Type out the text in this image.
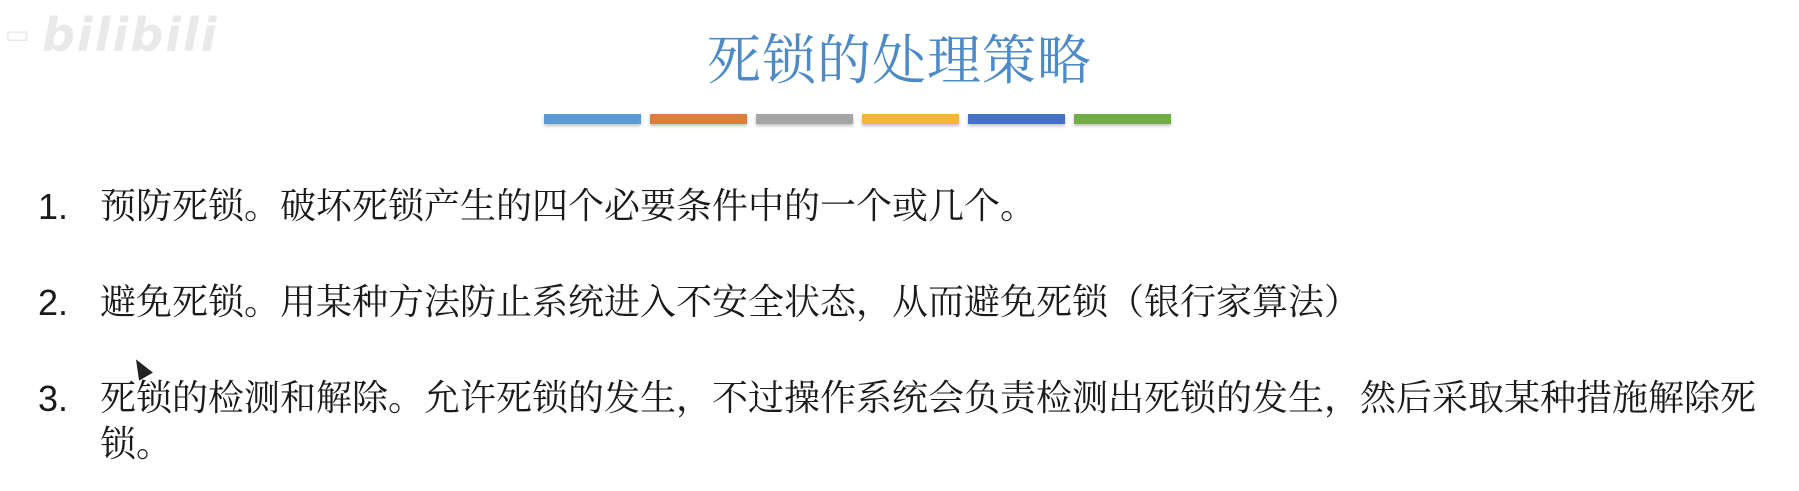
▭ bilibili	死锁的处理策略
1. 预防死锁。破坏死锁产生的四个必要条件中的一个或几个。
2. 避免死锁。用某种方法防止系统进入不安全状态，从而避免死锁（银行家算法）
3. 死锁的检测和解除。允许死锁的发生，不过操作系统会负责检测出死锁的发生，然后采取某种措施解除死锁。
